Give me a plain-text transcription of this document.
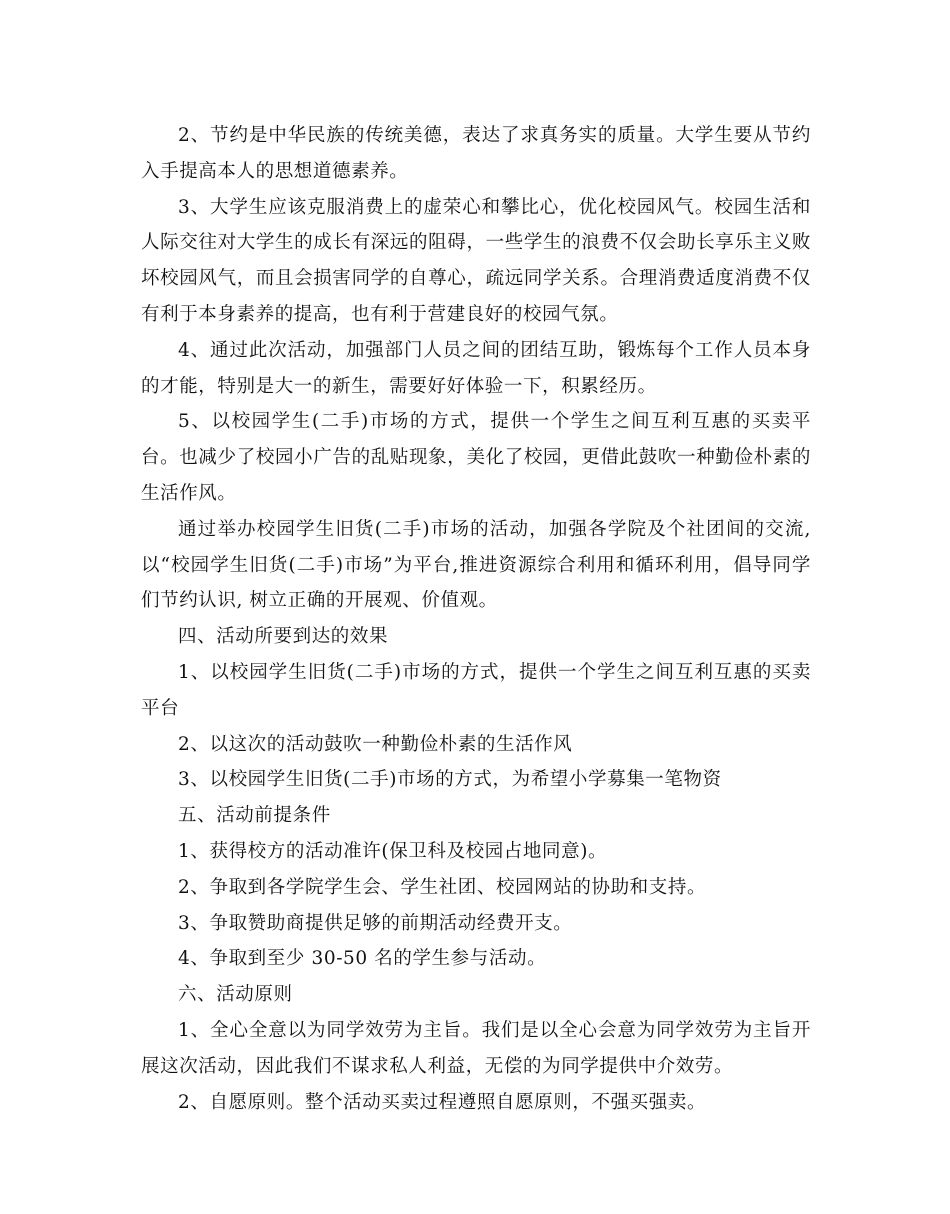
2、节约是中华民族的传统美德，表达了求真务实的质量。大学生要从节约入手提高本人的思想道德素养。

3、大学生应该克服消费上的虚荣心和攀比心，优化校园风气。校园生活和人际交往对大学生的成长有深远的阻碍，一些学生的浪费不仅会助长享乐主义败坏校园风气，而且会损害同学的自尊心，疏远同学关系。合理消费适度消费不仅有利于本身素养的提高，也有利于营建良好的校园气氛。

4、通过此次活动，加强部门人员之间的团结互助，锻炼每个工作人员本身的才能，特别是大一的新生，需要好好体验一下，积累经历。

5、以校园学生(二手)市场的方式，提供一个学生之间互利互惠的买卖平台。也减少了校园小广告的乱贴现象，美化了校园，更借此鼓吹一种勤俭朴素的生活作风。

通过举办校园学生旧货(二手)市场的活动，加强各学院及个社团间的交流, 以“校园学生旧货(二手)市场”为平台,推进资源综合利用和循环利用，倡导同学们节约认识, 树立正确的开展观、价值观。

四、活动所要到达的效果

1、以校园学生旧货(二手)市场的方式，提供一个学生之间互利互惠的买卖平台

2、以这次的活动鼓吹一种勤俭朴素的生活作风

3、以校园学生旧货(二手)市场的方式，为希望小学募集一笔物资

五、活动前提条件

1、获得校方的活动准许(保卫科及校园占地同意)。

2、争取到各学院学生会、学生社团、校园网站的协助和支持。

3、争取赞助商提供足够的前期活动经费开支。

4、争取到至少 30-50 名的学生参与活动。

六、活动原则

1、全心全意以为同学效劳为主旨。我们是以全心会意为同学效劳为主旨开展这次活动，因此我们不谋求私人利益，无偿的为同学提供中介效劳。

2、自愿原则。整个活动买卖过程遵照自愿原则，不强买强卖。
